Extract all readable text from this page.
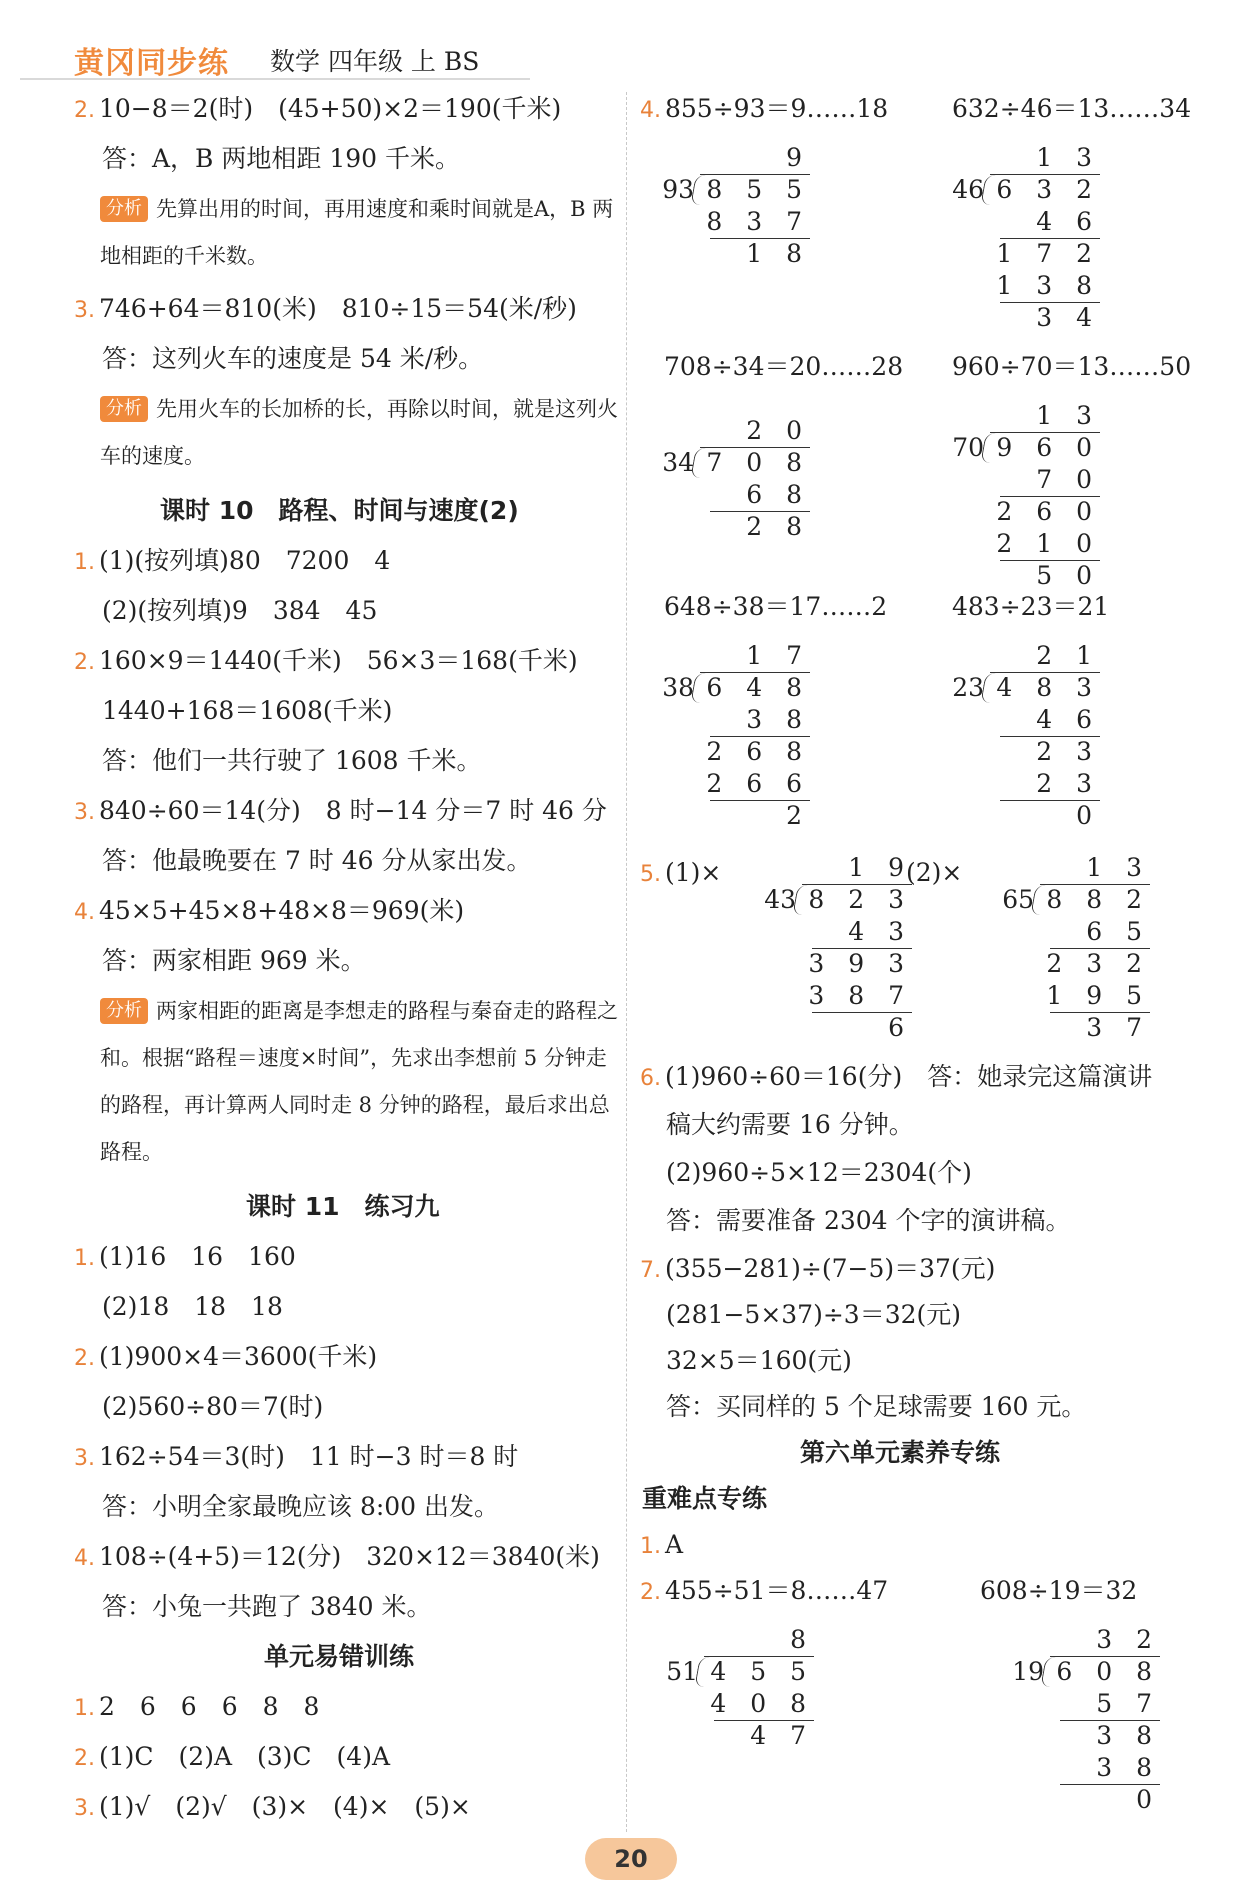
黄冈同步练 数学 四年级 上 BS
2. 10−8＝2(时)　(45+50)×2＝190(千米)
答：A，B 两地相距 190 千米。
分析 先算出用的时间，再用速度和乘时间就是A，B 两地相距的千米数。
3. 746+64＝810(米)　810÷15＝54(米/秒)
答：这列火车的速度是 54 米/秒。
分析 先用火车的长加桥的长，再除以时间，就是这列火车的速度。
课时 10　路程、时间与速度(2)
1. (1)(按列填)80　7200　4
(2)(按列填)9　384　45
2. 160×9＝1440(千米)　56×3＝168(千米)
1440+168＝1608(千米)
答：他们一共行驶了 1608 千米。
3. 840÷60＝14(分)　8 时−14 分＝7 时 46 分
答：他最晚要在 7 时 46 分从家出发。
4. 45×5+45×8+48×8＝969(米)
答：两家相距 969 米。
分析 两家相距的距离是李想走的路程与秦奋走的路程之和。根据“路程＝速度×时间”，先求出李想前 5 分钟走的路程，再计算两人同时走 8 分钟的路程，最后求出总路程。
课时 11　练习九
1. (1)16　16　160
(2)18　18　18
2. (1)900×4＝3600(千米)
(2)560÷80＝7(时)
3. 162÷54＝3(时)　11 时−3 时＝8 时
答：小明全家最晚应该 8:00 出发。
4. 108÷(4+5)＝12(分)　320×12＝3840(米)
答：小兔一共跑了 3840 米。
单元易错训练
1. 2　6　6　6　8　8
2. (1)C　(2)A　(3)C　(4)A
3. (1)√　(2)√　(3)×　(4)×　(5)×
4. 855÷93＝9……18	632÷46＝13……34
708÷34＝20……28 960÷70＝13……50
648÷38＝17……2	483÷23＝21
5. (1)×	(2)×
6. (1)960÷60＝16(分)　答：她录完这篇演讲
稿大约需要 16 分钟。
(2)960÷5×12＝2304(个)
答：需要准备 2304 个字的演讲稿。
7. (355−281)÷(7−5)＝37(元)
(281−5×37)÷3＝32(元)
32×5＝160(元)
答：买同样的 5 个足球需要 160 元。
第六单元素养专练
重难点专练
1. A
2. 455÷51＝8……47	608÷19＝32
9
93 8 5 5
8 3 7
1 8
1 3
46 6 3 2
4 6
1 7 2
1 3 8
3 4
2 0
34 7 0 8
6 8
2 8
1 3
70 9 6 0
7 0
2 6 0
2 1 0
5 0
1 7
38 6 4 8
3 8
2 6 8
2 6 6
2
2 1
23 4 8 3
4 6
2 3
2 3
0
1 9
43 8 2 3
4 3
3 9 3
3 8 7
6
1 3
65 8 8 2
6 5
2 3 2
1 9 5
3 7
8
51 4 5 5
4 0 8
4 7
3 2
19 6 0 8
5 7
3 8
3 8
0
20
